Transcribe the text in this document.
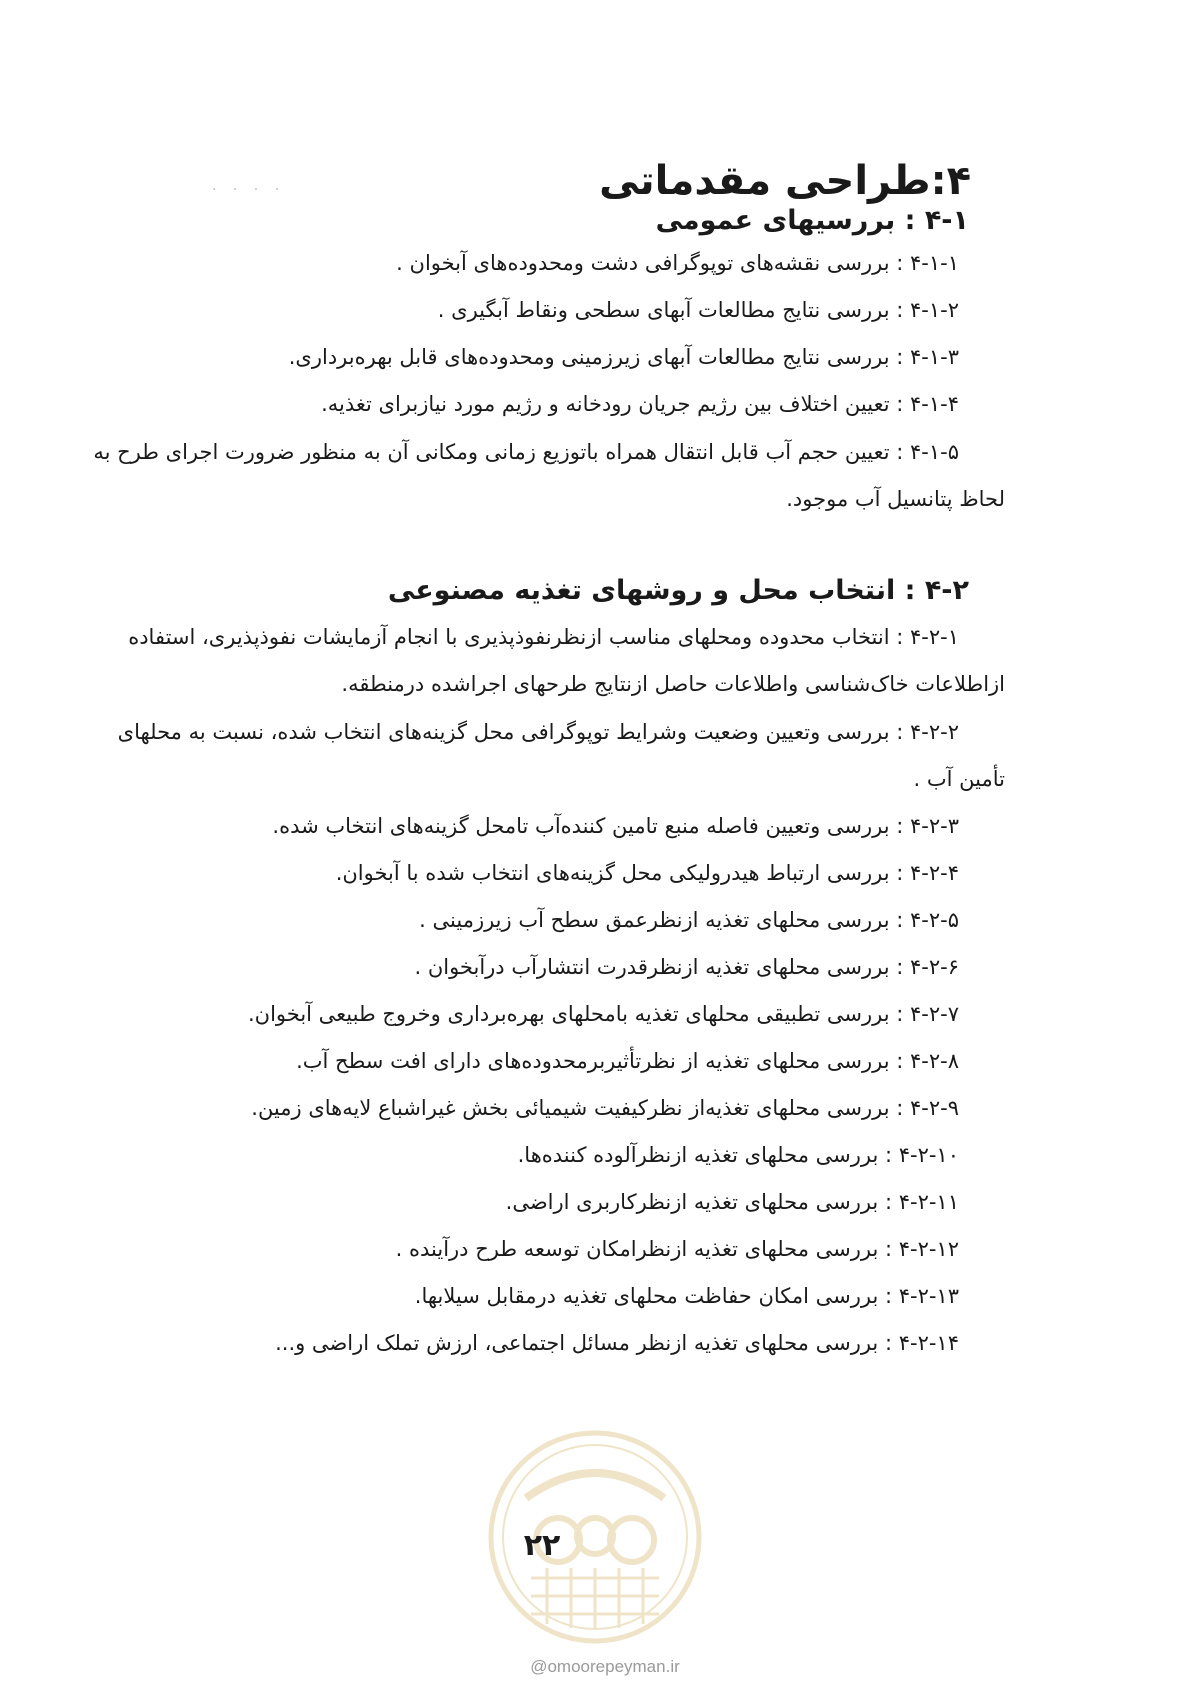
. . . .	۴:طراحی مقدماتی
۴-۱ : بررسیهای عمومی
۴-۱-۱ : بررسی نقشه‌های توپوگرافی دشت ومحدوده‌های آبخوان .
۴-۱-۲ : بررسی نتایج مطالعات آبهای سطحی ونقاط آبگیری .
۴-۱-۳ : بررسی نتایج مطالعات آبهای زیرزمینی ومحدوده‌های قابل بهره‌برداری.
۴-۱-۴ : تعیین اختلاف بین رژیم جریان رودخانه و رژیم مورد نیازبرای تغذیه.
۴-۱-۵ : تعیین حجم آب قابل انتقال همراه باتوزیع زمانی ومکانی آن به منظور ضرورت اجرای طرح به
لحاظ پتانسیل آب موجود.
۴-۲ : انتخاب محل و روشهای تغذیه مصنوعی
۴-۲-۱ : انتخاب محدوده ومحلهای مناسب ازنظرنفوذپذیری با انجام آزمایشات نفوذپذیری، استفاده
ازاطلاعات خاک‌شناسی واطلاعات حاصل ازنتایج طرحهای اجراشده درمنطقه.
۴-۲-۲ : بررسی وتعیین وضعیت وشرایط توپوگرافی محل گزینه‌های انتخاب شده، نسبت به محلهای
تأمین آب .
۴-۲-۳ : بررسی وتعیین فاصله منبع تامین کننده‌آب تامحل گزینه‌های انتخاب شده.
۴-۲-۴ : بررسی ارتباط هیدرولیکی محل گزینه‌های انتخاب شده با آبخوان.
۴-۲-۵ : بررسی محلهای تغذیه ازنظرعمق سطح آب زیرزمینی .
۴-۲-۶ : بررسی محلهای تغذیه ازنظرقدرت انتشارآب درآبخوان .
۴-۲-۷ : بررسی تطبیقی محلهای تغذیه بامحلهای بهره‌برداری وخروج طبیعی آبخوان.
۴-۲-۸ : بررسی محلهای تغذیه از نظرتأثیربرمحدوده‌های دارای افت سطح آب.
۴-۲-۹ : بررسی محلهای تغذیه‌از نظرکیفیت شیمیائی بخش غیراشباع لایه‌های زمین.
۴-۲-۱۰ : بررسی محلهای تغذیه ازنظرآلوده کننده‌ها.
۴-۲-۱۱ : بررسی محلهای تغذیه ازنظرکاربری اراضی.
۴-۲-۱۲ : بررسی محلهای تغذیه ازنظرامکان توسعه طرح درآینده .
۴-۲-۱۳ : بررسی امکان حفاظت محلهای تغذیه درمقابل سیلابها.
۴-۲-۱۴ : بررسی محلهای تغذیه ازنظر مسائل اجتماعی، ارزش تملک اراضی و...
۲۲
@omoorepeyman.ir
